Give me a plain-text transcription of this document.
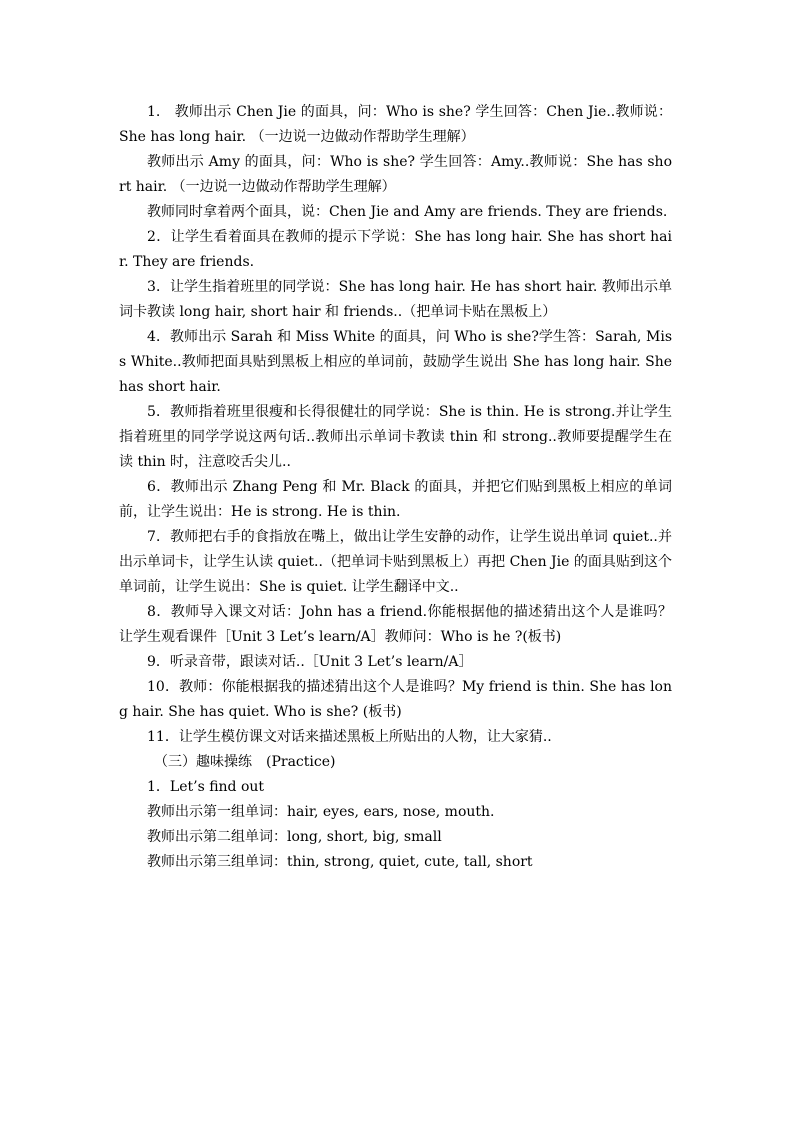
1.　教师出示 Chen Jie 的面具，问：Who is she? 学生回答：Chen Jie..教师说：She has long hair. （一边说一边做动作帮助学生理解）

教师出示 Amy 的面具，问：Who is she? 学生回答：Amy..教师说：She has short hair. （一边说一边做动作帮助学生理解）

教师同时拿着两个面具，说：Chen Jie and Amy are friends. They are friends.

2．让学生看着面具在教师的提示下学说：She has long hair. She has short hair. They are friends.

3．让学生指着班里的同学说：She has long hair. He has short hair. 教师出示单词卡教读 long hair, short hair 和 friends..（把单词卡贴在黑板上）

4．教师出示 Sarah 和 Miss White 的面具，问 Who is she?学生答：Sarah, Miss White..教师把面具贴到黑板上相应的单词前，鼓励学生说出 She has long hair. She has short hair.

5．教师指着班里很瘦和长得很健壮的同学说：She is thin. He is strong.并让学生指着班里的同学学说这两句话..教师出示单词卡教读 thin 和 strong..教师要提醒学生在读 thin 时，注意咬舌尖儿..

6．教师出示 Zhang Peng 和 Mr. Black 的面具，并把它们贴到黑板上相应的单词前，让学生说出：He is strong. He is thin.

7．教师把右手的食指放在嘴上，做出让学生安静的动作，让学生说出单词 quiet..并出示单词卡，让学生认读 quiet..（把单词卡贴到黑板上）再把 Chen Jie 的面具贴到这个单词前，让学生说出：She is quiet. 让学生翻译中文..

8．教师导入课文对话：John has a friend.你能根据他的描述猜出这个人是谁吗？让学生观看课件［Unit 3 Let’s learn/A］教师问：Who is he ?(板书)

9．听录音带，跟读对话..［Unit 3 Let’s learn/A］

10．教师：你能根据我的描述猜出这个人是谁吗？My friend is thin. She has long hair. She has quiet. Who is she? (板书)

11．让学生模仿课文对话来描述黑板上所贴出的人物，让大家猜..

（三）趣味操练　(Practice)

1．Let’s find out

教师出示第一组单词：hair, eyes, ears, nose, mouth.

教师出示第二组单词：long, short, big, small

教师出示第三组单词：thin, strong, quiet, cute, tall, short
